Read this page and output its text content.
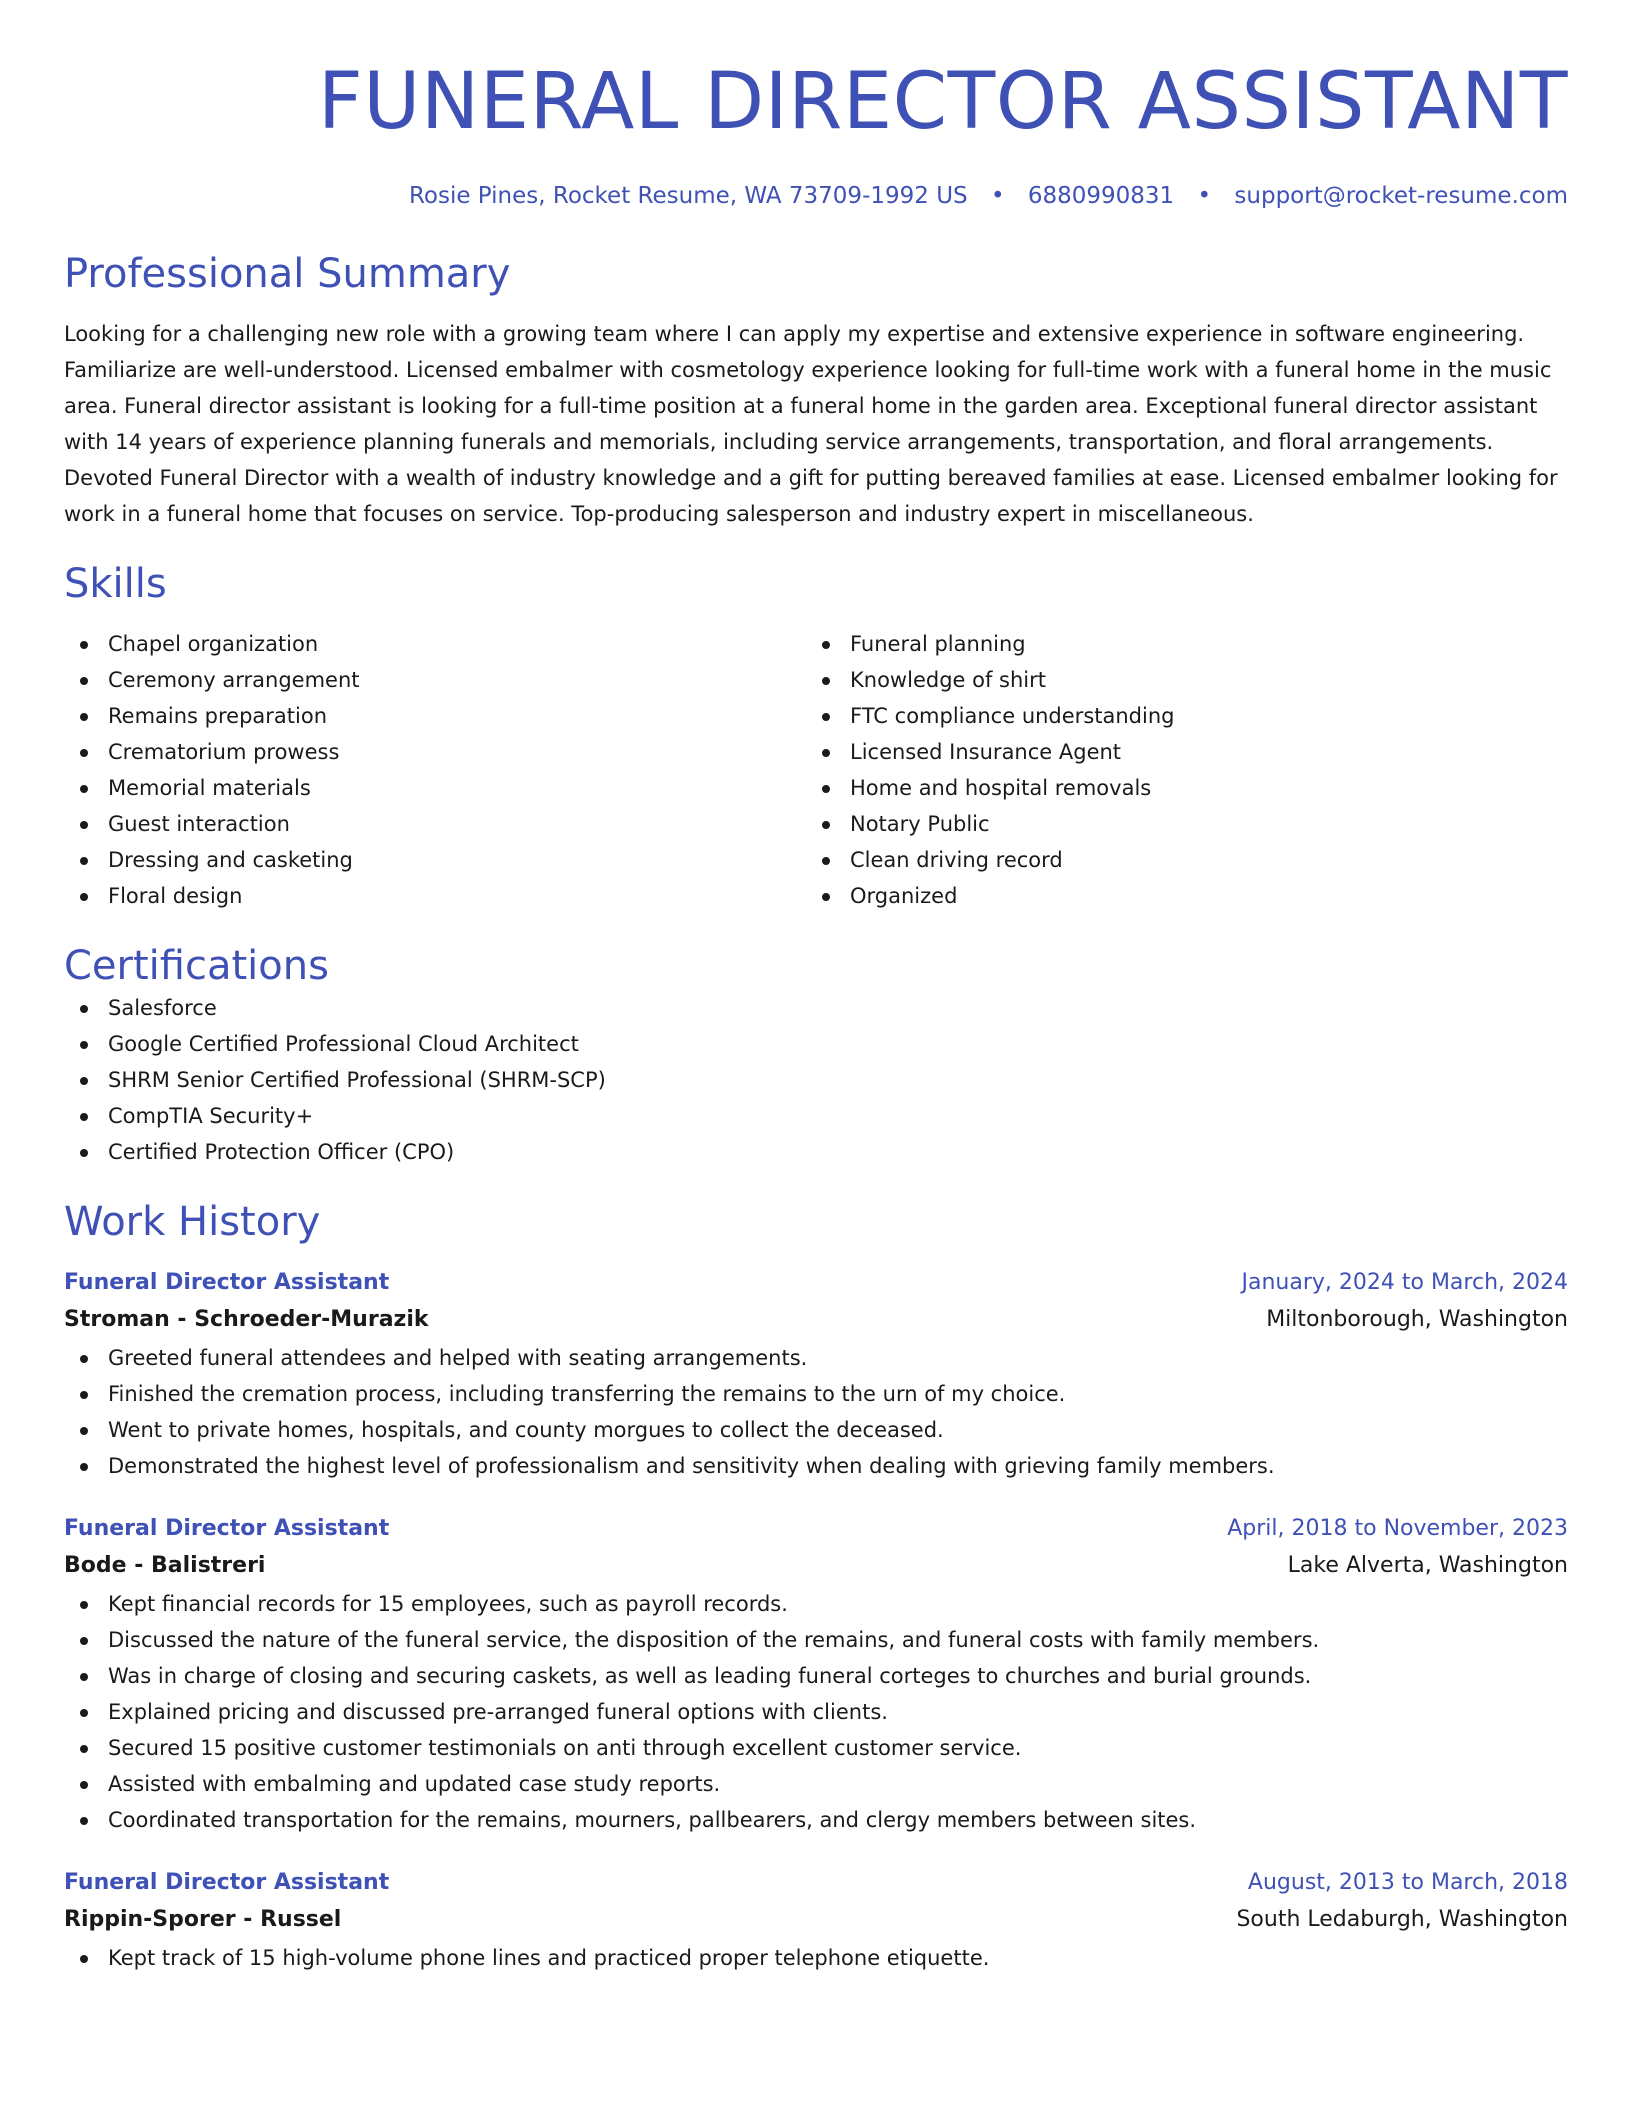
FUNERAL DIRECTOR ASSISTANT
Rosie Pines, Rocket Resume, WA 73709-1992 US • 6880990831 • support@rocket-resume.com
Professional Summary
Looking for a challenging new role with a growing team where I can apply my expertise and extensive experience in software engineering. Familiarize are well-understood. Licensed embalmer with cosmetology experience looking for full-time work with a funeral home in the music area. Funeral director assistant is looking for a full-time position at a funeral home in the garden area. Exceptional funeral director assistant with 14 years of experience planning funerals and memorials, including service arrangements, transportation, and floral arrangements. Devoted Funeral Director with a wealth of industry knowledge and a gift for putting bereaved families at ease. Licensed embalmer looking for work in a funeral home that focuses on service. Top-producing salesperson and industry expert in miscellaneous.
Skills
Chapel organization
Ceremony arrangement
Remains preparation
Crematorium prowess
Memorial materials
Guest interaction
Dressing and casketing
Floral design
Funeral planning
Knowledge of shirt
FTC compliance understanding
Licensed Insurance Agent
Home and hospital removals
Notary Public
Clean driving record
Organized
Certifications
Salesforce
Google Certified Professional Cloud Architect
SHRM Senior Certified Professional (SHRM-SCP)
CompTIA Security+
Certified Protection Officer (CPO)
Work History
Funeral Director Assistant	January, 2024 to March, 2024
Stroman - Schroeder-Murazik	Miltonborough, Washington
Greeted funeral attendees and helped with seating arrangements.
Finished the cremation process, including transferring the remains to the urn of my choice.
Went to private homes, hospitals, and county morgues to collect the deceased.
Demonstrated the highest level of professionalism and sensitivity when dealing with grieving family members.
Funeral Director Assistant	April, 2018 to November, 2023
Bode - Balistreri	Lake Alverta, Washington
Kept financial records for 15 employees, such as payroll records.
Discussed the nature of the funeral service, the disposition of the remains, and funeral costs with family members.
Was in charge of closing and securing caskets, as well as leading funeral corteges to churches and burial grounds.
Explained pricing and discussed pre-arranged funeral options with clients.
Secured 15 positive customer testimonials on anti through excellent customer service.
Assisted with embalming and updated case study reports.
Coordinated transportation for the remains, mourners, pallbearers, and clergy members between sites.
Funeral Director Assistant	August, 2013 to March, 2018
Rippin-Sporer - Russel	South Ledaburgh, Washington
Kept track of 15 high-volume phone lines and practiced proper telephone etiquette.
